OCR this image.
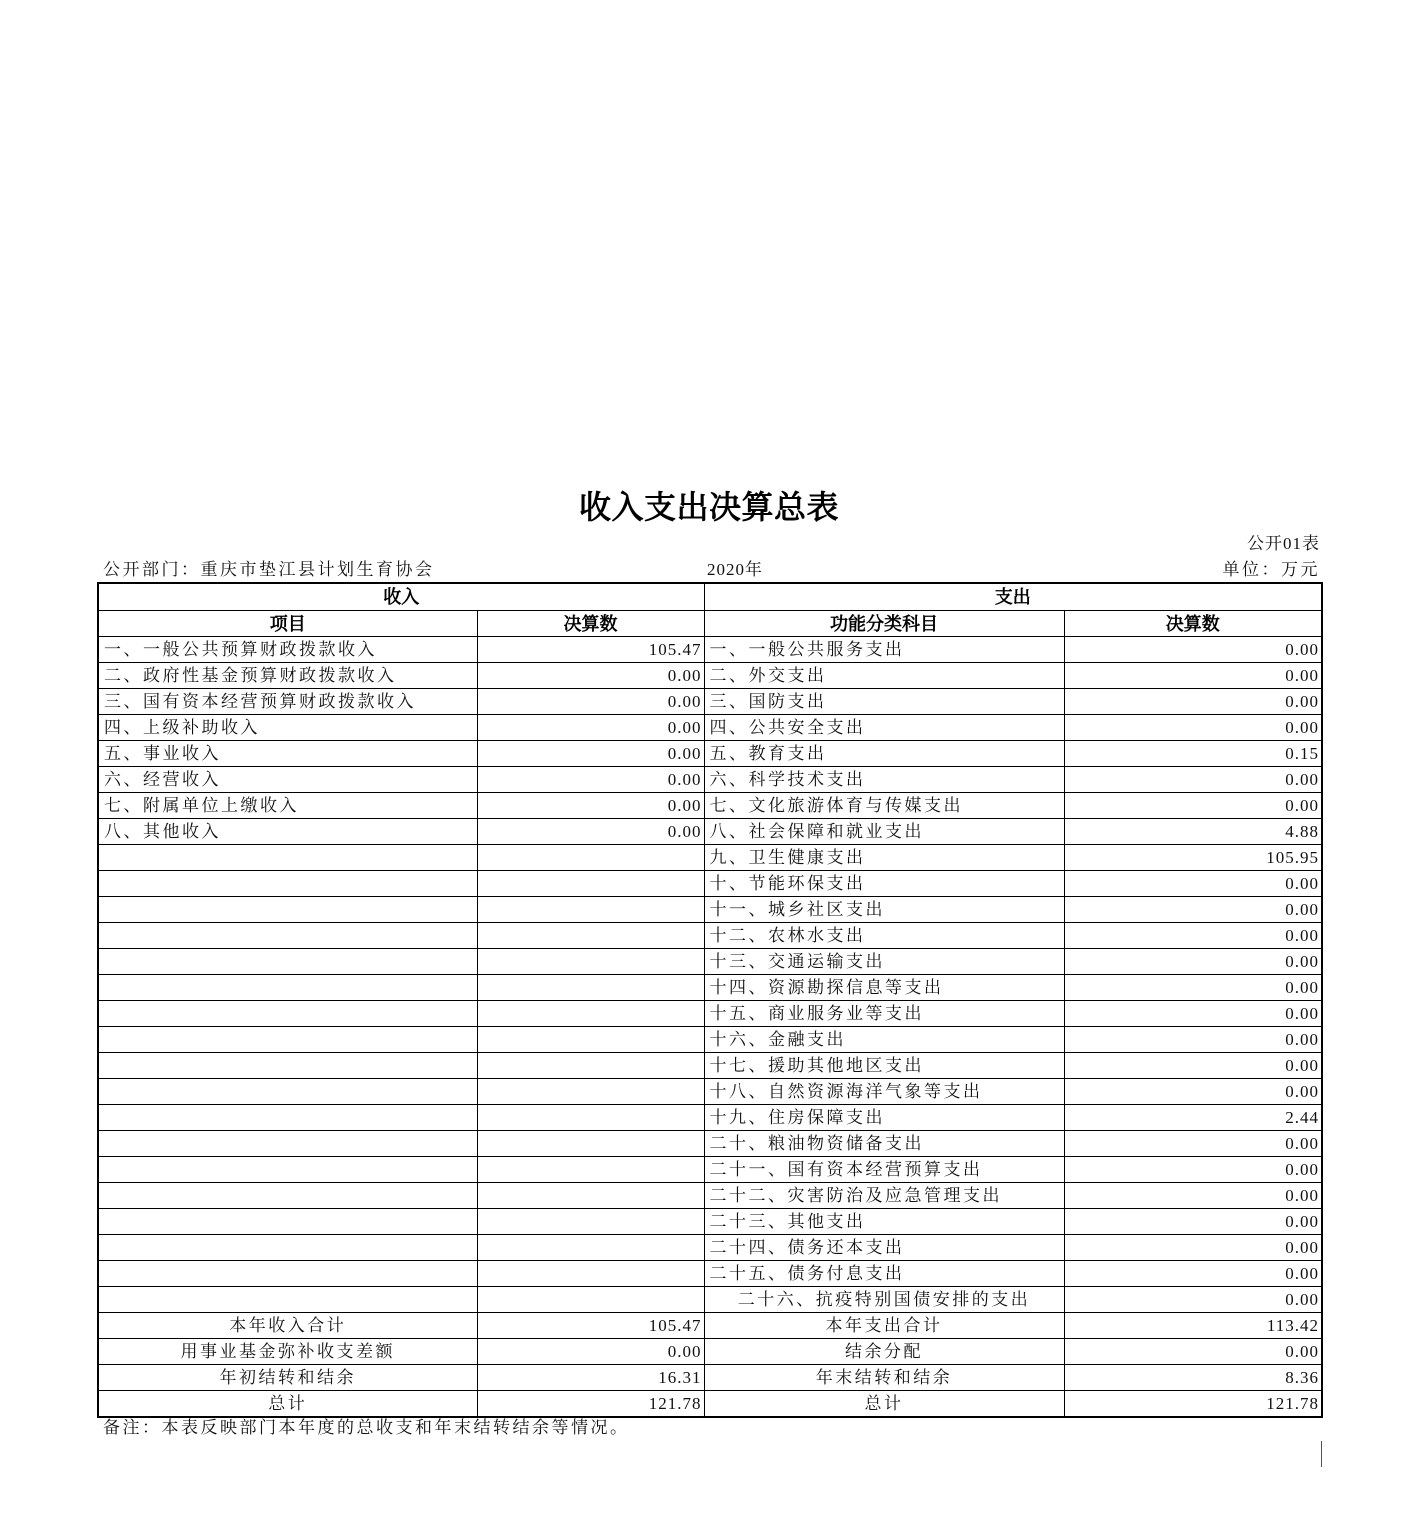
收入支出决算总表
公开01表
公开部门：重庆市垫江县计划生育协会	2020年	单位：万元
收入		支出	
项目	决算数	功能分类科目	决算数
一、一般公共预算财政拨款收入	105.47	一、一般公共服务支出	0.00
二、政府性基金预算财政拨款收入	0.00	二、外交支出	0.00
三、国有资本经营预算财政拨款收入	0.00	三、国防支出	0.00
四、上级补助收入	0.00	四、公共安全支出	0.00
五、事业收入	0.00	五、教育支出	0.15
六、经营收入	0.00	六、科学技术支出	0.00
七、附属单位上缴收入	0.00	七、文化旅游体育与传媒支出	0.00
八、其他收入	0.00	八、社会保障和就业支出	4.88
		九、卫生健康支出	105.95
		十、节能环保支出	0.00
		十一、城乡社区支出	0.00
		十二、农林水支出	0.00
		十三、交通运输支出	0.00
		十四、资源勘探信息等支出	0.00
		十五、商业服务业等支出	0.00
		十六、金融支出	0.00
		十七、援助其他地区支出	0.00
		十八、自然资源海洋气象等支出	0.00
		十九、住房保障支出	2.44
		二十、粮油物资储备支出	0.00
		二十一、国有资本经营预算支出	0.00
		二十二、灾害防治及应急管理支出	0.00
		二十三、其他支出	0.00
		二十四、债务还本支出	0.00
		二十五、债务付息支出	0.00
		二十六、抗疫特别国债安排的支出	0.00
本年收入合计	105.47	本年支出合计	113.42
用事业基金弥补收支差额	0.00	结余分配	0.00
年初结转和结余	16.31	年末结转和结余	8.36
总计	121.78	总计	121.78
备注：本表反映部门本年度的总收支和年末结转结余等情况。
